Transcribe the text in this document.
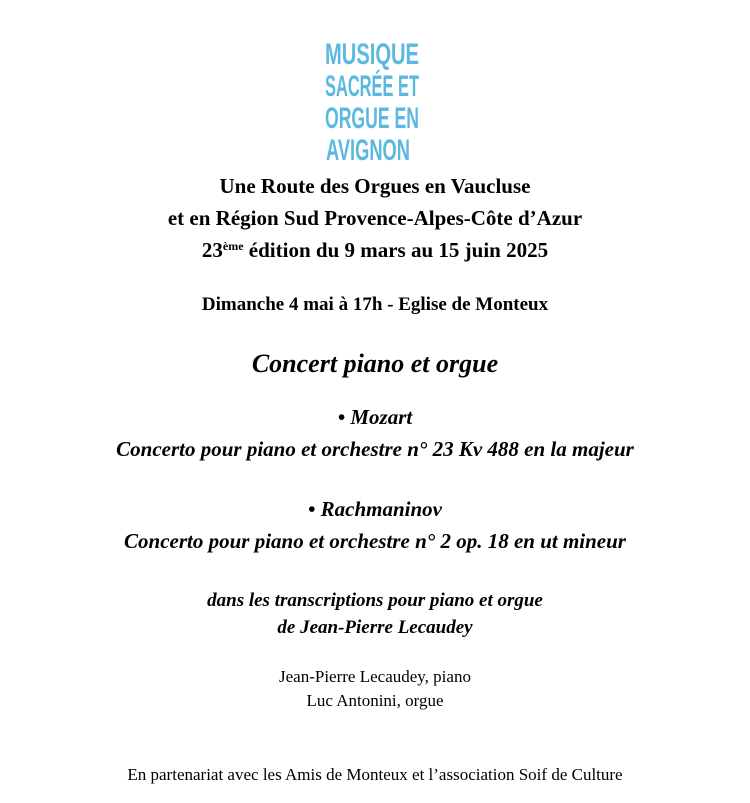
MUSIQUE
SACRÉE ET
ORGUE EN
AVIGNON
Une Route des Orgues en Vaucluse
et en Région Sud Provence-Alpes-Côte d’Azur
23ème édition du 9 mars au 15 juin 2025
Dimanche 4 mai à 17h - Eglise de Monteux
Concert piano et orgue
• Mozart
Concerto pour piano et orchestre n° 23 Kv 488 en la majeur
• Rachmaninov
Concerto pour piano et orchestre n° 2 op. 18 en ut mineur
dans les transcriptions pour piano et orgue
de Jean-Pierre Lecaudey
Jean-Pierre Lecaudey, piano
Luc Antonini, orgue
En partenariat avec les Amis de Monteux et l’association Soif de Culture
